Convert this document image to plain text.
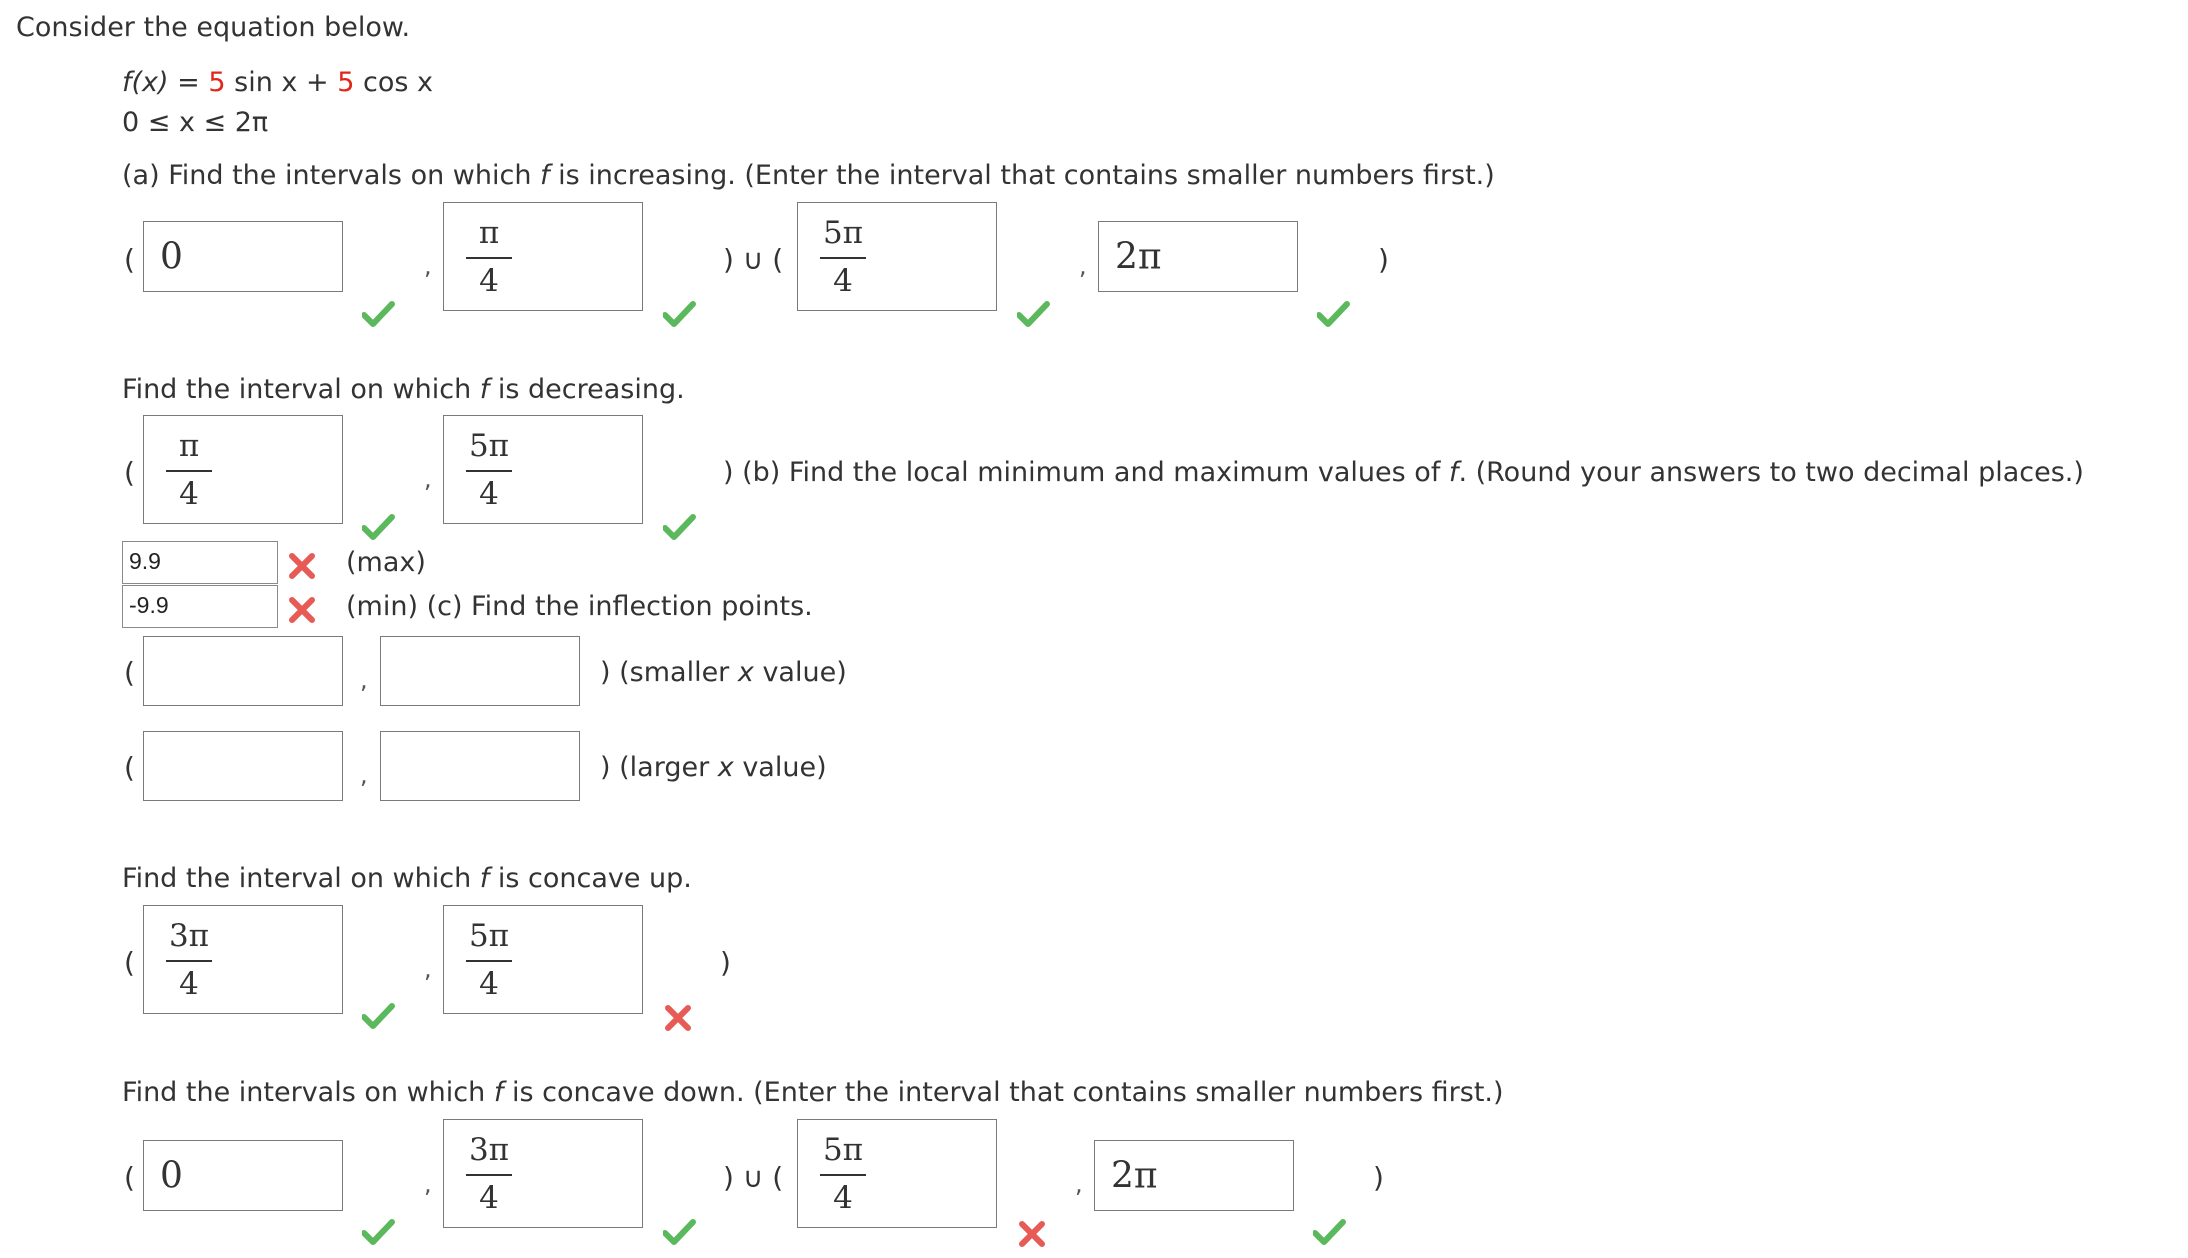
Consider the equation below.
f(x) = 5 sin x + 5 cos x
0 ≤ x ≤ 2π
(a) Find the intervals on which f is increasing. (Enter the interval that contains smaller numbers first.)
( 0	,
π
4
) ∪ (
5π
4	, 2π	)
Find the interval on which f is decreasing.
(
π
4	,
5π
4
) (b) Find the local minimum and maximum values of f. (Round your answers to two decimal places.)
9.9	(max)
-9.9	(min) (c) Find the inflection points.
(	,	) (smaller x value)
(	,	) (larger x value)
Find the interval on which f is concave up.
(
3π
4	,
5π
4
)
Find the intervals on which f is concave down. (Enter the interval that contains smaller numbers first.)
( 0	,
3π
4
) ∪ (
5π
4	, 2π	)
